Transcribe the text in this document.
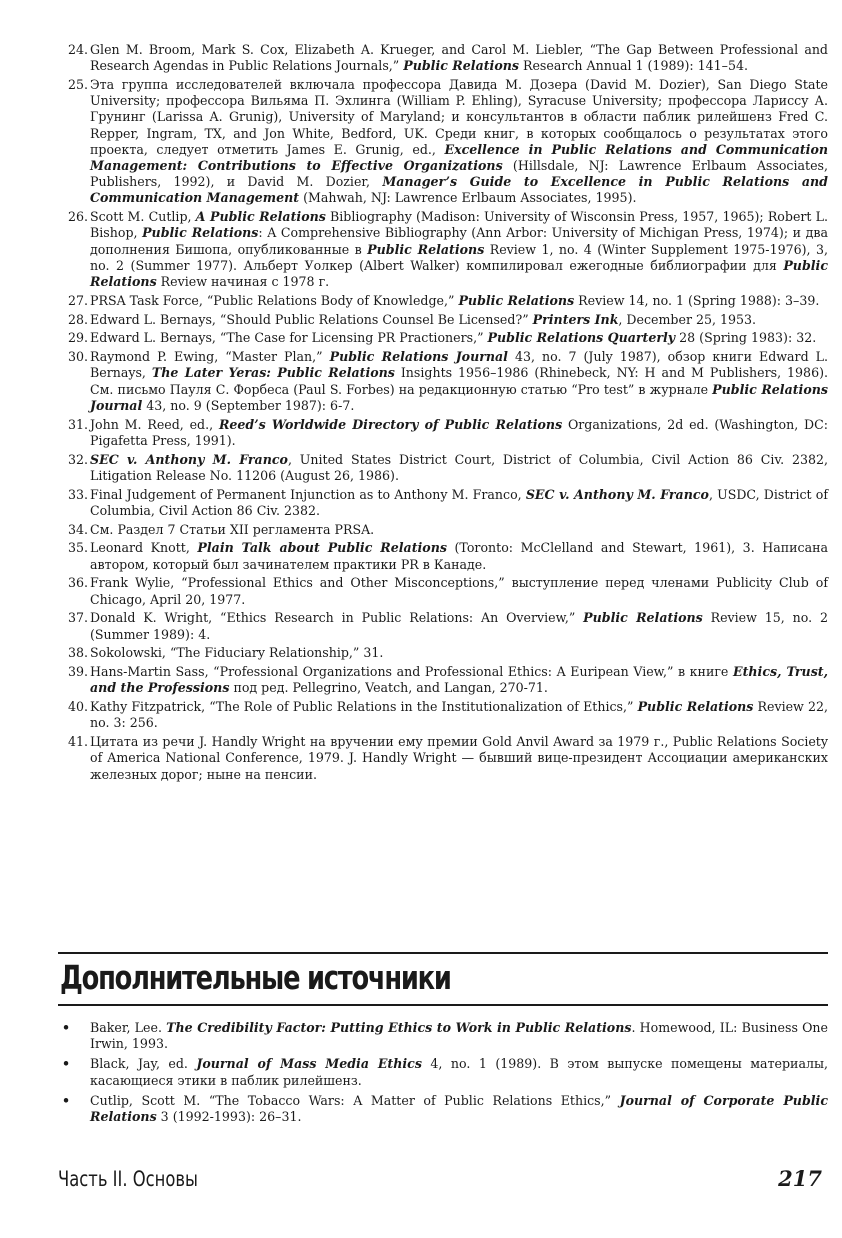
24. Glen M. Broom, Mark S. Cox, Elizabeth A. Krueger, and Carol M. Liebler, “The Gap Between Professional and Research Agendas in Public Relations Journals,” Public Relations Research Annual 1 (1989): 141–54.
25. Эта группа исследователей включала профессора Давида М. Дозера (David M. Dozier), San Diego State University; профессора Вильяма П. Эхлинга (William P. Ehling), Syracuse University; профессора Лариссу А. Грунинг (Larissa A. Grunig), University of Maryland; и консультантов в области паблик рилейшенз Fred C. Repper, Ingram, TX, and Jon White, Bedford, UK. Среди книг, в которых сообщалось о результатах этого проекта, следует отметить James E. Grunig, ed., Excellence in Public Relations and Communication Management: Contributions to Effective Organizations (Hillsdale, NJ: Lawrence Erlbaum Associates, Publishers, 1992), и David M. Dozier, Manager’s Guide to Excellence in Public Relations and Communication Management (Mahwah, NJ: Lawrence Erlbaum Associates, 1995).
26. Scott M. Cutlip, A Public Relations Bibliography (Madison: University of Wisconsin Press, 1957, 1965); Robert L. Bishop, Public Relations: A Comprehensive Bibliography (Ann Arbor: University of Michigan Press, 1974); и два дополнения Бишопа, опубликованные в Public Relations Review 1, no. 4 (Winter Supplement 1975-1976), 3, no. 2 (Summer 1977). Альберт Уолкер (Albert Walker) компилировал ежегодные библиографии для Public Relations Review начиная с 1978 г.
27. PRSA Task Force, “Public Relations Body of Knowledge,” Public Relations Review 14, no. 1 (Spring 1988): 3–39.
28. Edward L. Bernays, “Should Public Relations Counsel Be Licensed?” Printers Ink, December 25, 1953.
29. Edward L. Bernays, “The Case for Licensing PR Practioners,” Public Relations Quarterly 28 (Spring 1983): 32.
30. Raymond P. Ewing, “Master Plan,” Public Relations Journal 43, no. 7 (July 1987), обзор книги Edward L. Bernays, The Later Yeras: Public Relations Insights 1956–1986 (Rhinebeck, NY: H and M Publishers, 1986). См. письмо Пауля С. Форбеса (Paul S. Forbes) на редакционную статью “Pro test” в журнале Public Relations Journal 43, no. 9 (September 1987): 6-7.
31. John M. Reed, ed., Reed’s Worldwide Directory of Public Relations Organizations, 2d ed. (Washington, DC: Pigafetta Press, 1991).
32. SEC v. Anthony M. Franco, United States District Court, District of Columbia, Civil Action 86 Civ. 2382, Litigation Release No. 11206 (August 26, 1986).
33. Final Judgement of Permanent Injunction as to Anthony M. Franco, SEC v. Anthony M. Franco, USDC, District of Columbia, Civil Action 86 Civ. 2382.
34. См. Раздел 7 Статьи XII регламента PRSA.
35. Leonard Knott, Plain Talk about Public Relations (Toronto: McClelland and Stewart, 1961), 3. Написана автором, который был зачинателем практики PR в Канаде.
36. Frank Wylie, “Professional Ethics and Other Misconceptions,” выступление перед членами Publicity Club of Chicago, April 20, 1977.
37. Donald K. Wright, “Ethics Research in Public Relations: An Overview,” Public Relations Review 15, no. 2 (Summer 1989): 4.
38. Sokolowski, “The Fiduciary Relationship,” 31.
39. Hans-Martin Sass, “Professional Organizations and Professional Ethics: A Euripean View,” в книге Ethics, Trust, and the Professions под ред. Pellegrino, Veatch, and Langan, 270-71.
40. Kathy Fitzpatrick, “The Role of Public Relations in the Institutionalization of Ethics,” Public Relations Review 22, no. 3: 256.
41. Цитата из речи J. Handly Wright на вручении ему премии Gold Anvil Award за 1979 г., Public Relations Society of America National Conference, 1979. J. Handly Wright — бывший вице-президент Ассоциации американских железных дорог; ныне на пенсии.
Дополнительные источники
• Baker, Lee. The Credibility Factor: Putting Ethics to Work in Public Relations. Homewood, IL: Business One Irwin, 1993.
• Black, Jay, ed. Journal of Mass Media Ethics 4, no. 1 (1989). В этом выпуске помещены материалы, касающиеся этики в паблик рилейшенз.
• Cutlip, Scott M. “The Tobacco Wars: A Matter of Public Relations Ethics,” Journal of Corporate Public Relations 3 (1992-1993): 26–31.
Часть II. Основы	217
